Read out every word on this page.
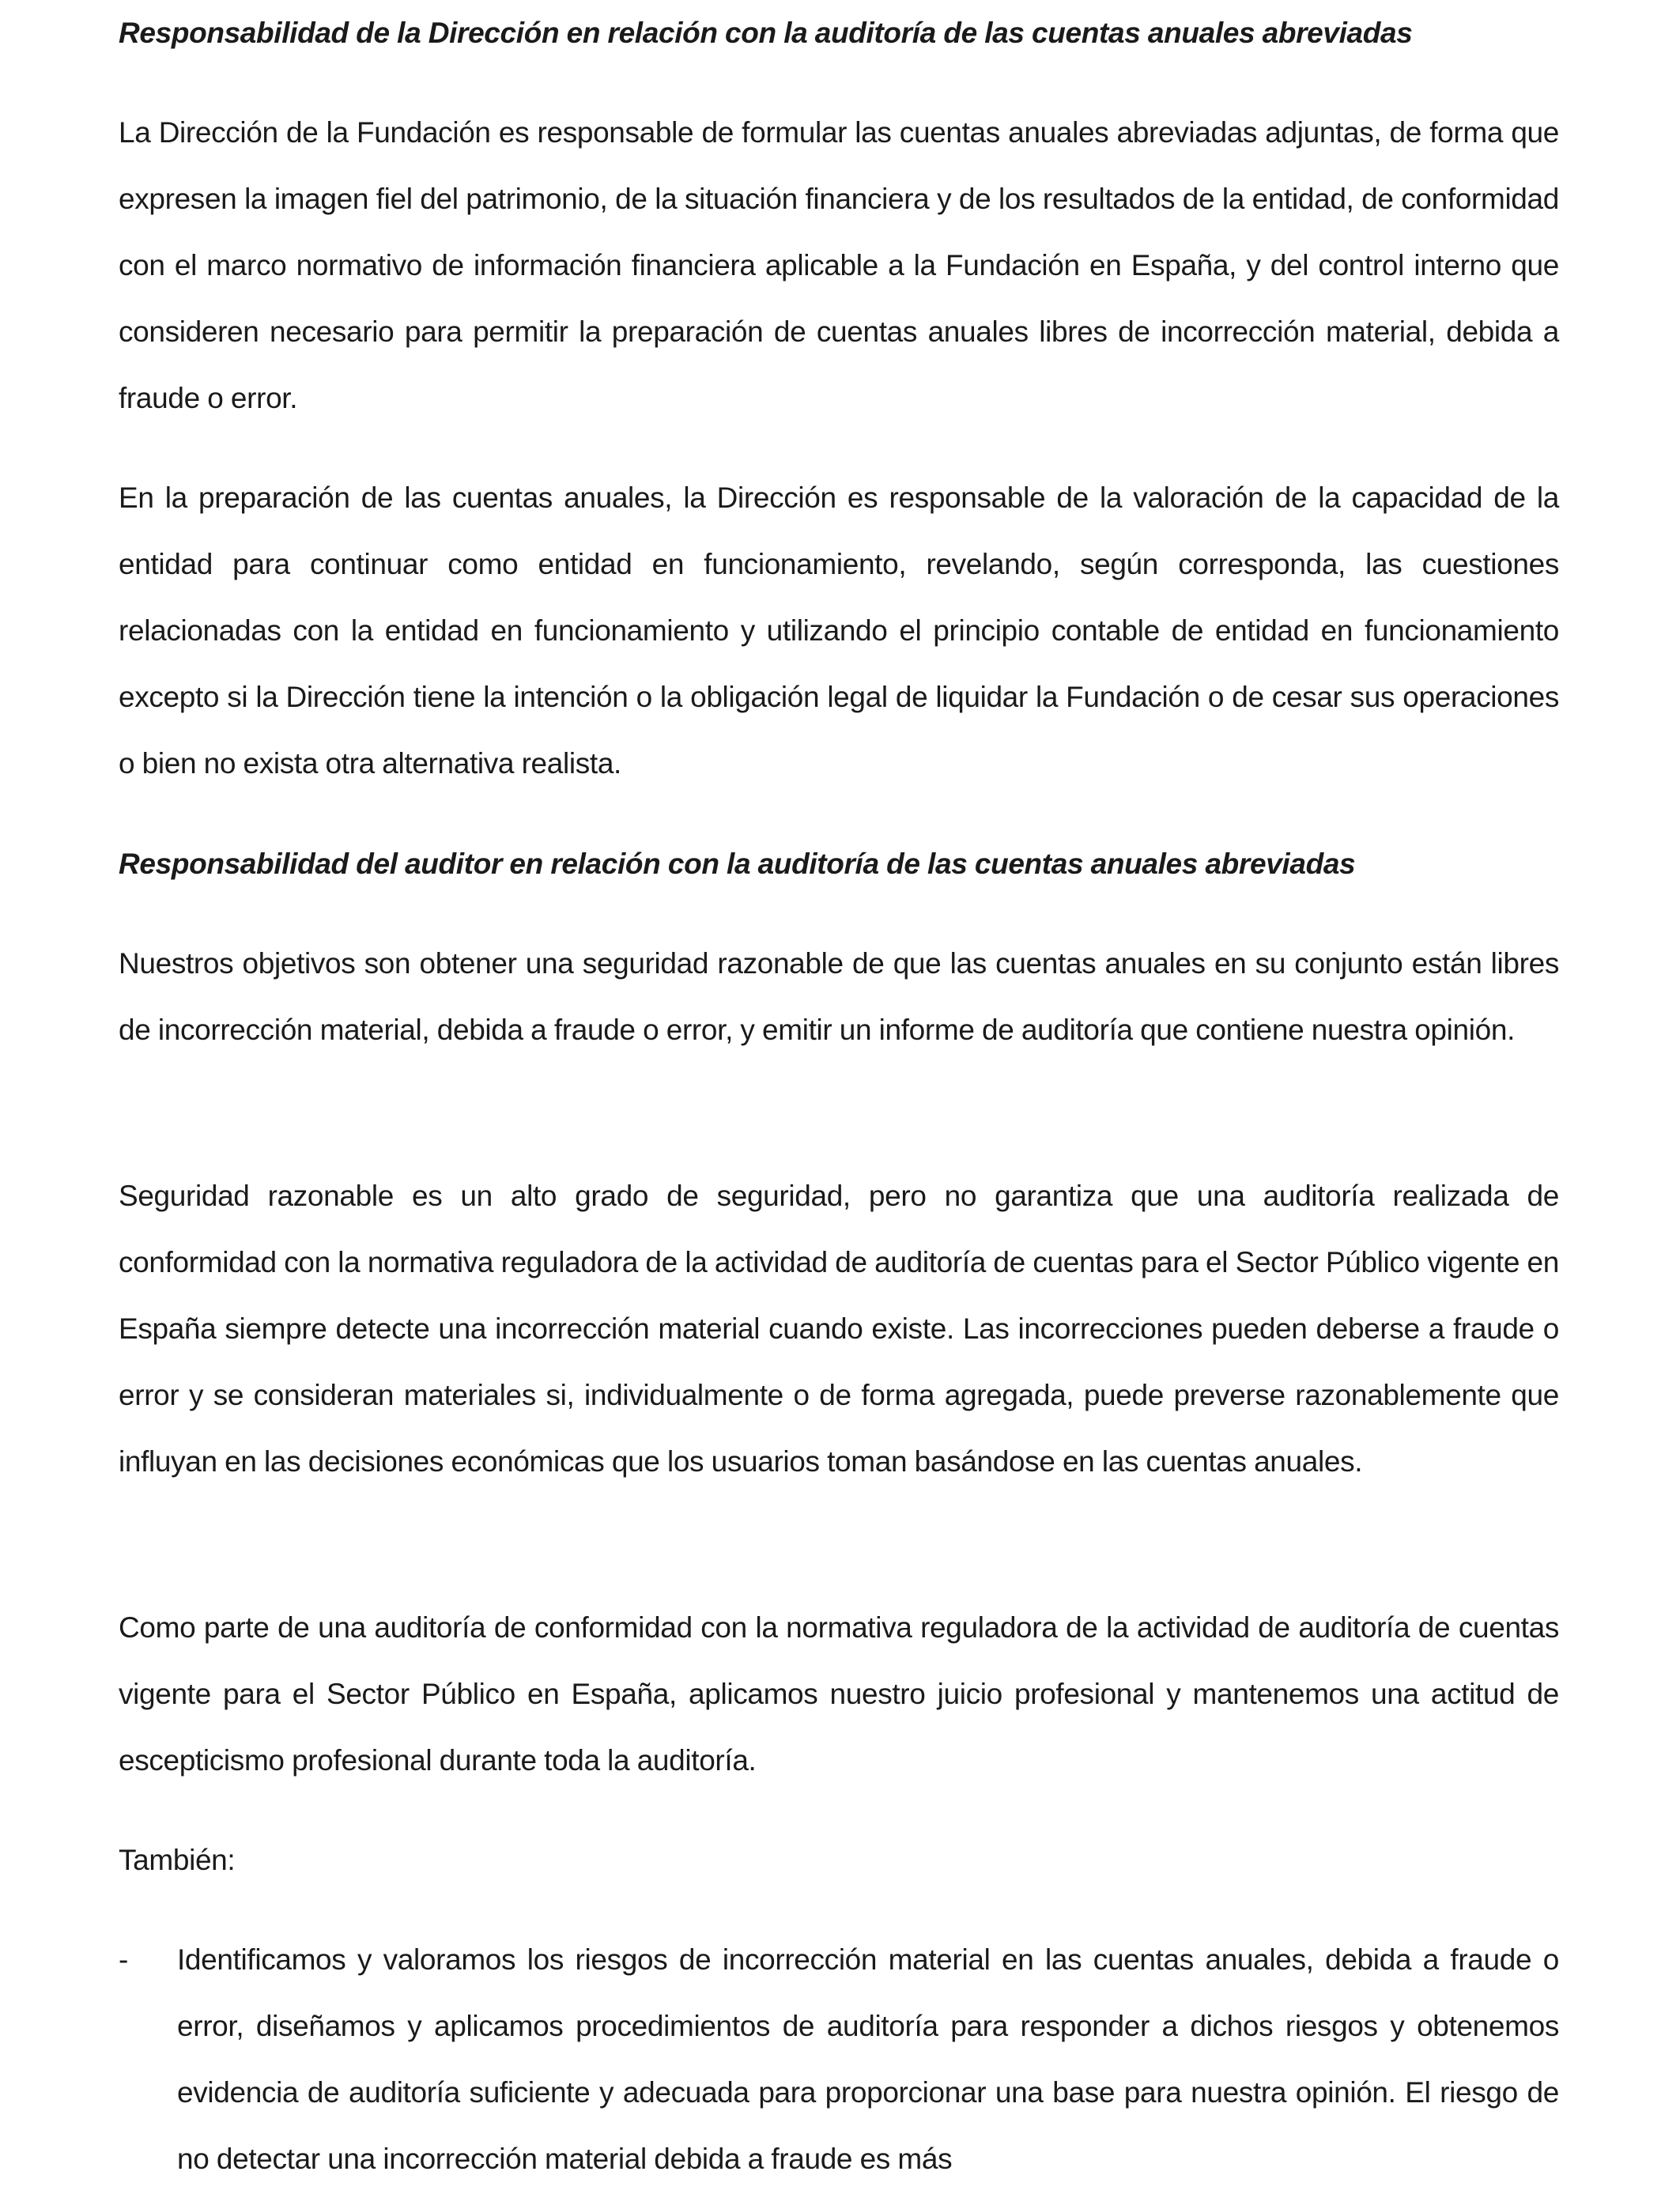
Responsabilidad de la Dirección en relación con la auditoría de las cuentas anuales abreviadas

La Dirección de la Fundación es responsable de formular las cuentas anuales abreviadas adjuntas, de forma que expresen la imagen fiel del patrimonio, de la situación financiera y de los resultados de la entidad, de conformidad con el marco normativo de información financiera aplicable a la Fundación en España, y del control interno que consideren necesario para permitir la preparación de cuentas anuales libres de incorrección material, debida a fraude o error.

En la preparación de las cuentas anuales, la Dirección es responsable de la valoración de la capacidad de la entidad para continuar como entidad en funcionamiento, revelando, según corresponda, las cuestiones relacionadas con la entidad en funcionamiento y utilizando el principio contable de entidad en funcionamiento excepto si la Dirección tiene la intención o la obligación legal de liquidar la Fundación o de cesar sus operaciones o bien no exista otra alternativa realista.

Responsabilidad del auditor en relación con la auditoría de las cuentas anuales abreviadas

Nuestros objetivos son obtener una seguridad razonable de que las cuentas anuales en su conjunto están libres de incorrección material, debida a fraude o error, y emitir un informe de auditoría que contiene nuestra opinión.

Seguridad razonable es un alto grado de seguridad, pero no garantiza que una auditoría realizada de conformidad con la normativa reguladora de la actividad de auditoría de cuentas para el Sector Público vigente en España siempre detecte una incorrección material cuando existe. Las incorrecciones pueden deberse a fraude o error y se consideran materiales si, individualmente o de forma agregada, puede preverse razonablemente que influyan en las decisiones económicas que los usuarios toman basándose en las cuentas anuales.

Como parte de una auditoría de conformidad con la normativa reguladora de la actividad de auditoría de cuentas vigente para el Sector Público en España, aplicamos nuestro juicio profesional y mantenemos una actitud de escepticismo profesional durante toda la auditoría.

También:

- Identificamos y valoramos los riesgos de incorrección material en las cuentas anuales, debida a fraude o error, diseñamos y aplicamos procedimientos de auditoría para responder a dichos riesgos y obtenemos evidencia de auditoría suficiente y adecuada para proporcionar una base para nuestra opinión. El riesgo de no detectar una incorrección material debida a fraude es más
